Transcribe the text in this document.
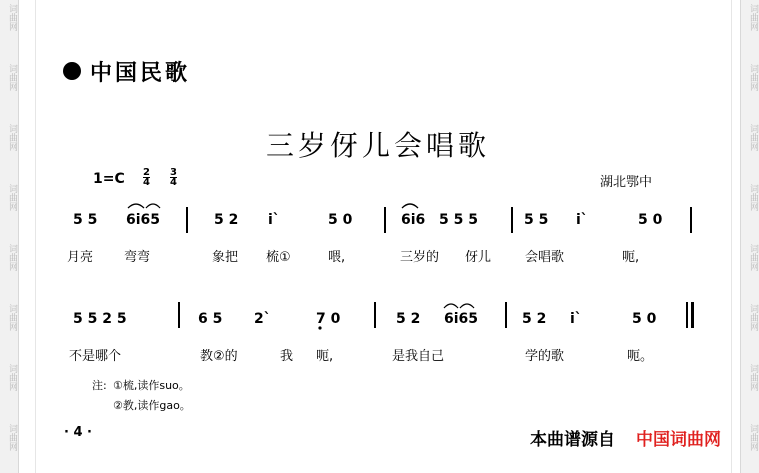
词曲网	词曲网
词曲网	词曲网
词曲网	词曲网
词曲网	词曲网
词曲网	词曲网
词曲网	词曲网
词曲网	词曲网
词曲网	词曲网
中国民歌
三岁伢儿会唱歌
1=C 2
4
3
4	湖北鄂中
5 5 6i65	5 2 i`	5 0	6i6 5 5 5	5 5 i`	5 0
月亮 弯弯	象把 梳①	喂,	三岁的 伢儿	会唱歌	呃,
5 5 2 5	6 5 2`	7 0	5 2 6i65	5 2 i`	5 0
不是哪个	教②的	我 呃,	是我自己	学的歌	呃。
注: ①梳,读作suo。
②教,读作gao。
· 4 ·	本曲谱源自 中国词曲网
